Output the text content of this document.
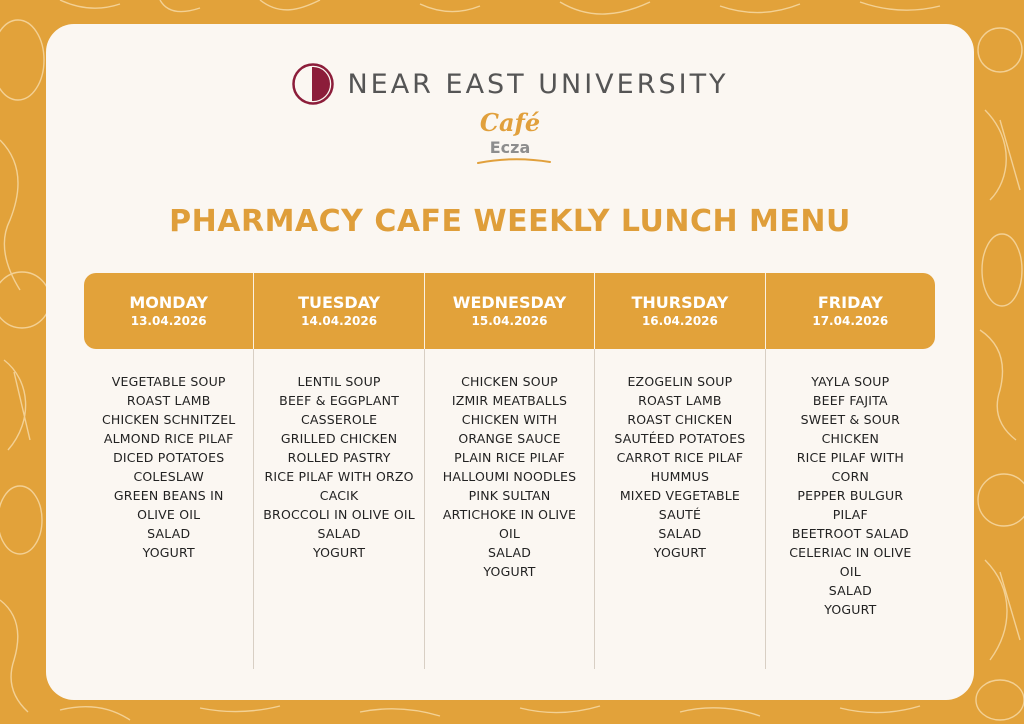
NEAR EAST UNIVERSITY
Café
Ecza
PHARMACY CAFE WEEKLY LUNCH MENU
MONDAY
13.04.2026
TUESDAY
14.04.2026
WEDNESDAY
15.04.2026
THURSDAY
16.04.2026
FRIDAY
17.04.2026
VEGETABLE SOUP
ROAST LAMB
CHICKEN SCHNITZEL
ALMOND RICE PILAF
DICED POTATOES
COLESLAW
GREEN BEANS IN
OLIVE OIL
SALAD
YOGURT
LENTIL SOUP
BEEF & EGGPLANT
CASSEROLE
GRILLED CHICKEN
ROLLED PASTRY
RICE PILAF WITH ORZO
CACIK
BROCCOLI IN OLIVE OIL
SALAD
YOGURT
CHICKEN SOUP
IZMIR MEATBALLS
CHICKEN WITH
ORANGE SAUCE
PLAIN RICE PILAF
HALLOUMI NOODLES
PINK SULTAN
ARTICHOKE IN OLIVE
OIL
SALAD
YOGURT
EZOGELIN SOUP
ROAST LAMB
ROAST CHICKEN
SAUTÉED POTATOES
CARROT RICE PILAF
HUMMUS
MIXED VEGETABLE
SAUTÉ
SALAD
YOGURT
YAYLA SOUP
BEEF FAJITA
SWEET & SOUR
CHICKEN
RICE PILAF WITH
CORN
PEPPER BULGUR
PILAF
BEETROOT SALAD
CELERIAC IN OLIVE
OIL
SALAD
YOGURT
